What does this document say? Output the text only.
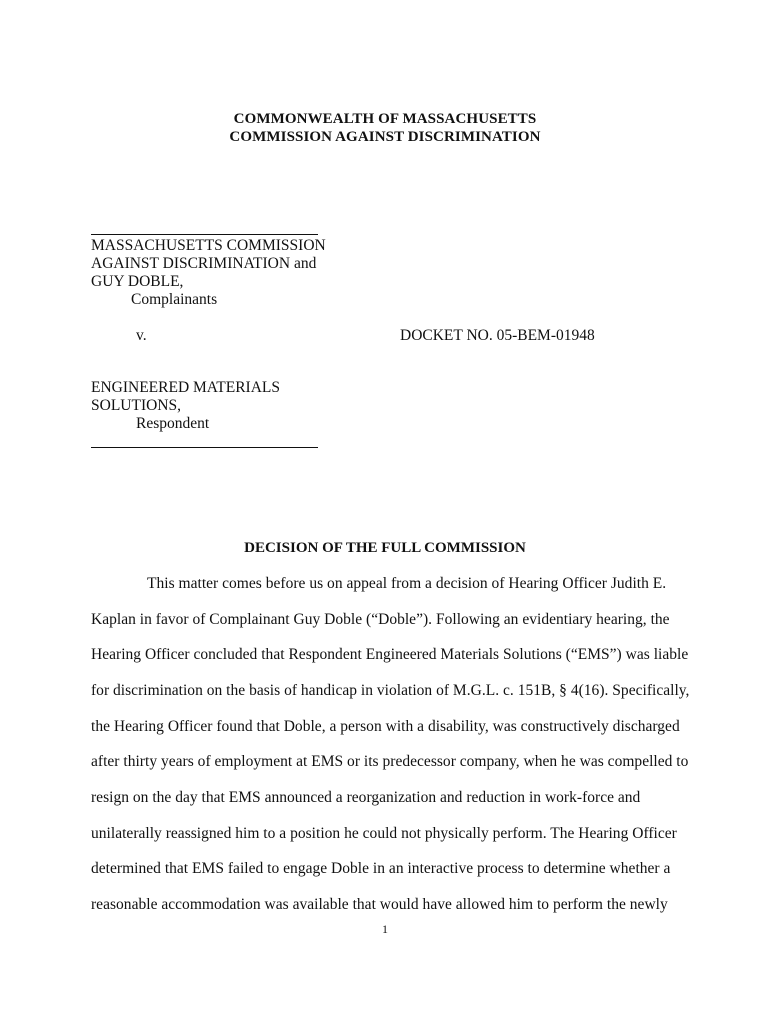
COMMONWEALTH OF MASSACHUSETTS
COMMISSION AGAINST DISCRIMINATION
MASSACHUSETTS COMMISSION
AGAINST DISCRIMINATION and
GUY DOBLE,
Complainants
v.	DOCKET NO. 05-BEM-01948
ENGINEERED MATERIALS
SOLUTIONS,
Respondent
DECISION OF THE FULL COMMISSION
This matter comes before us on appeal from a decision of Hearing Officer Judith E.
Kaplan in favor of Complainant Guy Doble (“Doble”). Following an evidentiary hearing, the
Hearing Officer concluded that Respondent Engineered Materials Solutions (“EMS”) was liable
for discrimination on the basis of handicap in violation of M.G.L. c. 151B, § 4(16). Specifically,
the Hearing Officer found that Doble, a person with a disability, was constructively discharged
after thirty years of employment at EMS or its predecessor company, when he was compelled to
resign on the day that EMS announced a reorganization and reduction in work-force and
unilaterally reassigned him to a position he could not physically perform. The Hearing Officer
determined that EMS failed to engage Doble in an interactive process to determine whether a
reasonable accommodation was available that would have allowed him to perform the newly
1
